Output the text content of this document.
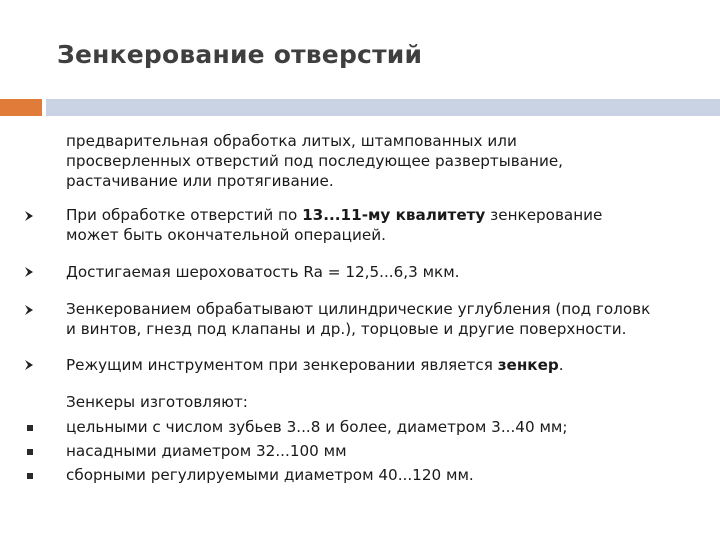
Зенкерование отверстий
предварительная обработка литых, штампованных или
просверленных отверстий под последующее развертывание,
растачивание или протягивание.
При обработке отверстий по 13...11-му квалитету зенкерование
может быть окончательной операцией.
Достигаемая шероховатость Ra = 12,5...6,3 мкм.
Зенкерованием обрабатывают цилиндрические углубления (под головк
и винтов, гнезд под клапаны и др.), торцовые и другие поверхности.
Режущим инструментом при зенкеровании является зенкер.
Зенкеры изготовляют:
цельными с числом зубьев 3...8 и более, диаметром 3...40 мм;
насадными диаметром 32...100 мм
сборными регулируемыми диаметром 40...120 мм.
